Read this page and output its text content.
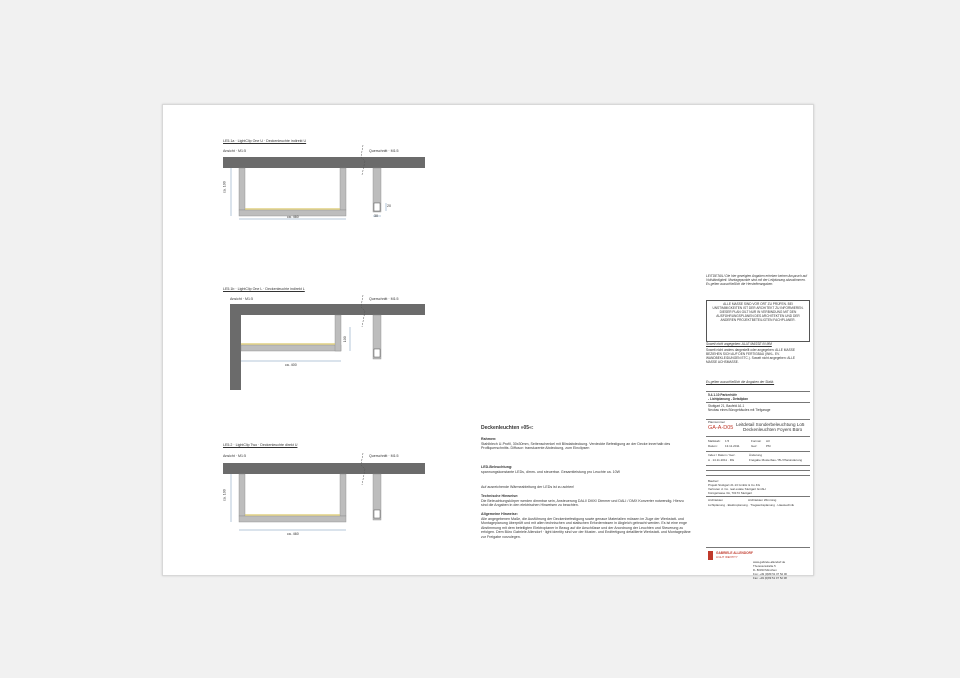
LE5.1a · LightClip One U · Deckenleuchte indirekt U
Ansicht · M1:5	Querschnitt · M1:5
ca. 100
ca. 460	30
20
LE5.1b · LightClip One L · Deckenleuchte indirekt L
Ansicht · M1:5	Querschnitt · M1:5
100
ca. 400
LE5.2 · LightClip Two · Deckenleuchte direkt U
Ansicht · M1:5	Querschnitt · M1:5
ca. 100
ca. 460
Deckenleuchten »05«:
Rahmen:
Stahlblech U-Profil, 30x30mm, Seitenschenkel mit Blindabdeckung. Verdeckte Befestigung an der Decke innerhalb des Profilquerschnitts. Diffusor: transluzente Abdeckung, zum Einclipsen
LED-Beleuchtung:
spannungskonstante LEDs, dimm- und steuerbar. Gesamtleistung pro Leuchte ca. 10W
Auf ausreichende Wärmeableitung der LEDs ist zu achten!
Technische Hinweise:
Die Beleuchtungskörper werden dimmbar sein, Ansteuerung DALI/ DMX/ Dimmer und DALI / DMX Konverter notwendig. Hierzu sind die Angaben in den elektrischen Hinweisen zu beachten.
Allgemeine Hinweise:
Alle angegebenen Maße, die Ausführung der Deckenbefestigung sowie genaue Materialien müssen im Zuge der Werkstatt- und Montageplanung überprüft und mit allen technischen und statischen Erfordernissen in Abgleich gebracht werden. Es ist eine enge Abstimmung mit dem beteiligten Elektroplaner in Bezug auf die Anschlüsse und der Anordnung der Leuchten und Steuerung zu erfolgen. Dem Büro Gabriele Allendorf · light identity sind vor der Muster- und Endfertigung detaillierte Werkstatt- und Montagepläne zur Freigabe vorzulegen.
LEITDETAIL! Die hier gezeigten Angaben erheben keinen Anspruch auf Vollständigkeit. Montagepunkte sind mit der Leitplanung abzustimmen. Es gelten ausschließlich die Herstellerangaben.
ALLE MASSE SIND VOR ORT ZU PRÜFEN. BEI UNSTIMMIGKEITEN IST DER ARCHITEKT ZU INFORMIEREN. DIESER PLAN GILT NUR IN VERBINDUNG MIT DEN AUSFÜHRUNGSPLÄNEN DES ARCHITEKTEN UND DER ANDEREN PROJEKTBETEILIGTEN FACHPLANER.
Soweit nicht angegeben: ALLE MASSE IN MM
Soweit nicht anders dargestellt oder angegeben: ALLE MASSE BEZIEHEN SICH AUF DEN FERTIGBAU (INKL. EV. WANDBEKLEIDUNGEN ETC.). Soweit nicht angegeben: ALLE MASSE ACHSMASSE.
Es gelten ausschließlich die Angaben der Statik.
5.4.1.10 Parkerhöfe
- Lichtplanung - Detailplan
Stuttgart 21, Baufeld A1.1
Neubau eines Bürogebäudes mit Tiefgarage
Plannummer
GA-A-D05
Leitdetail Sonderbeleuchtung Lo5
Deckenleuchten Foyers Büro
Maßstab: 1:5	Format: A3
Datum: 13.11.2011	Gez:	PM
Index / Datum / Gez.	Änderung
A · 14.11.2011 · RG	Freigabe Musterbau / BU Planänderung
Bauherr
Projekt Stuttgart 21.13 GmbH & Co.KG
Vertreten d. Co. real estate Stuttgart GmbH
Königstrasse 3A, 70173 Stuttgart
Architekten	Architekten Wimming
Lichtplanung · Elektroplanung · Tragwerksplanung · Haustechnik
GABRIELE ALLENDORF
LIGHT IDENTITY
www.gabriele-allendorf.de
Theresienstraße 5
D- 80333 München
Fon: +49 (0)89 51 07 52 00
Fax: +49 (0)89 51 07 52 08
